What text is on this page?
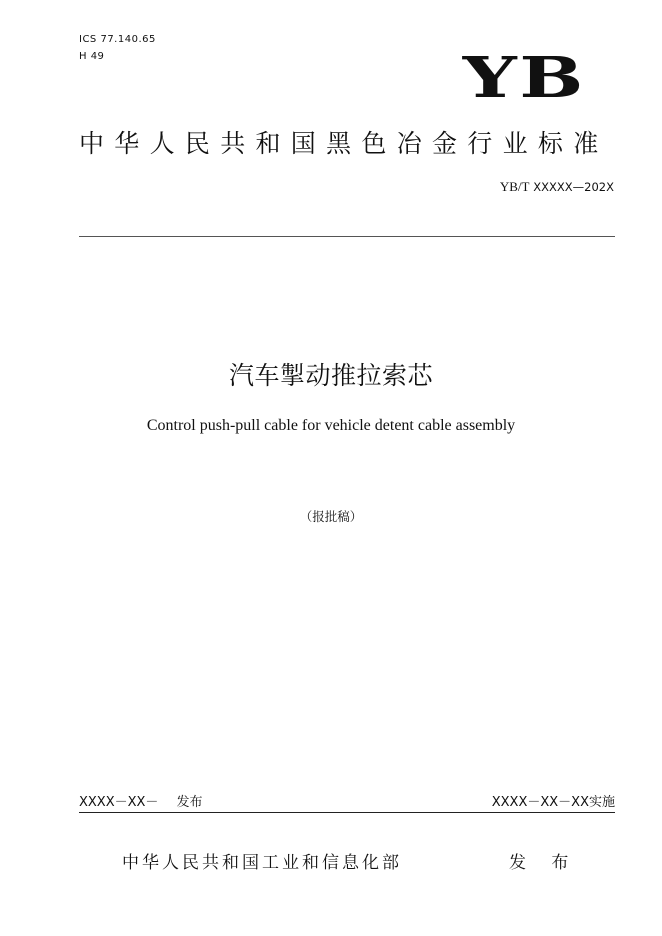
ICS 77.140.65
H 49	YB
中华人民共和国黑色冶金行业标准
YB/T XXXXX—202X
汽车掣动推拉索芯
Control push-pull cable for vehicle detent cable assembly
（报批稿）
XXXX－XX－ 发布	XXXX－XX－XX实施
中华人民共和国工业和信息化部	发 布
